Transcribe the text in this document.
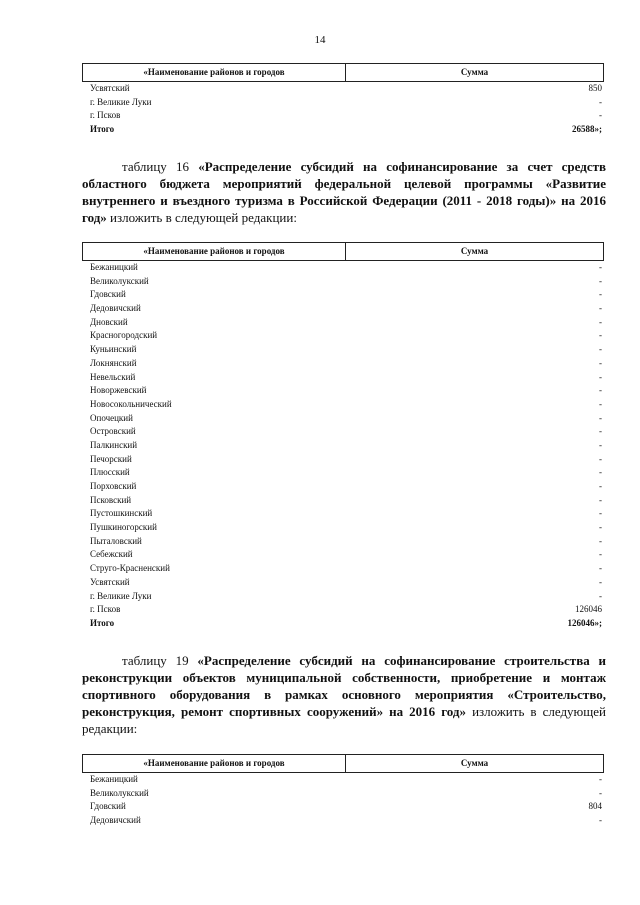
14
«Наименование районов и городов	Сумма
Усвятский	850
г. Великие Луки	-
г. Псков	-
Итого	26588»;
таблицу 16 «Распределение субсидий на софинансирование за счет средств областного бюджета мероприятий федеральной целевой программы «Развитие внутреннего и въездного туризма в Российской Федерации (2011 - 2018 годы)» на 2016 год» изложить в следующей редакции:
«Наименование районов и городов	Сумма
Бежаницкий	-
Великолукский	-
Гдовский	-
Дедовичский	-
Дновский	-
Красногородский	-
Куньинский	-
Локнянский	-
Невельский	-
Новоржевский	-
Новосокольнический	-
Опочецкий	-
Островский	-
Палкинский	-
Печорский	-
Плюсский	-
Порховский	-
Псковский	-
Пустошкинский	-
Пушкиногорский	-
Пыталовский	-
Себежский	-
Струго-Красненский	-
Усвятский	-
г. Великие Луки	-
г. Псков	126046
Итого	126046»;
таблицу 19 «Распределение субсидий на софинансирование строительства и реконструкции объектов муниципальной собственности, приобретение и монтаж спортивного оборудования в рамках основного мероприятия «Строительство, реконструкция, ремонт спортивных сооружений» на 2016 год» изложить в следующей редакции:
«Наименование районов и городов	Сумма
Бежаницкий	-
Великолукский	-
Гдовский	804
Дедовичский	-
